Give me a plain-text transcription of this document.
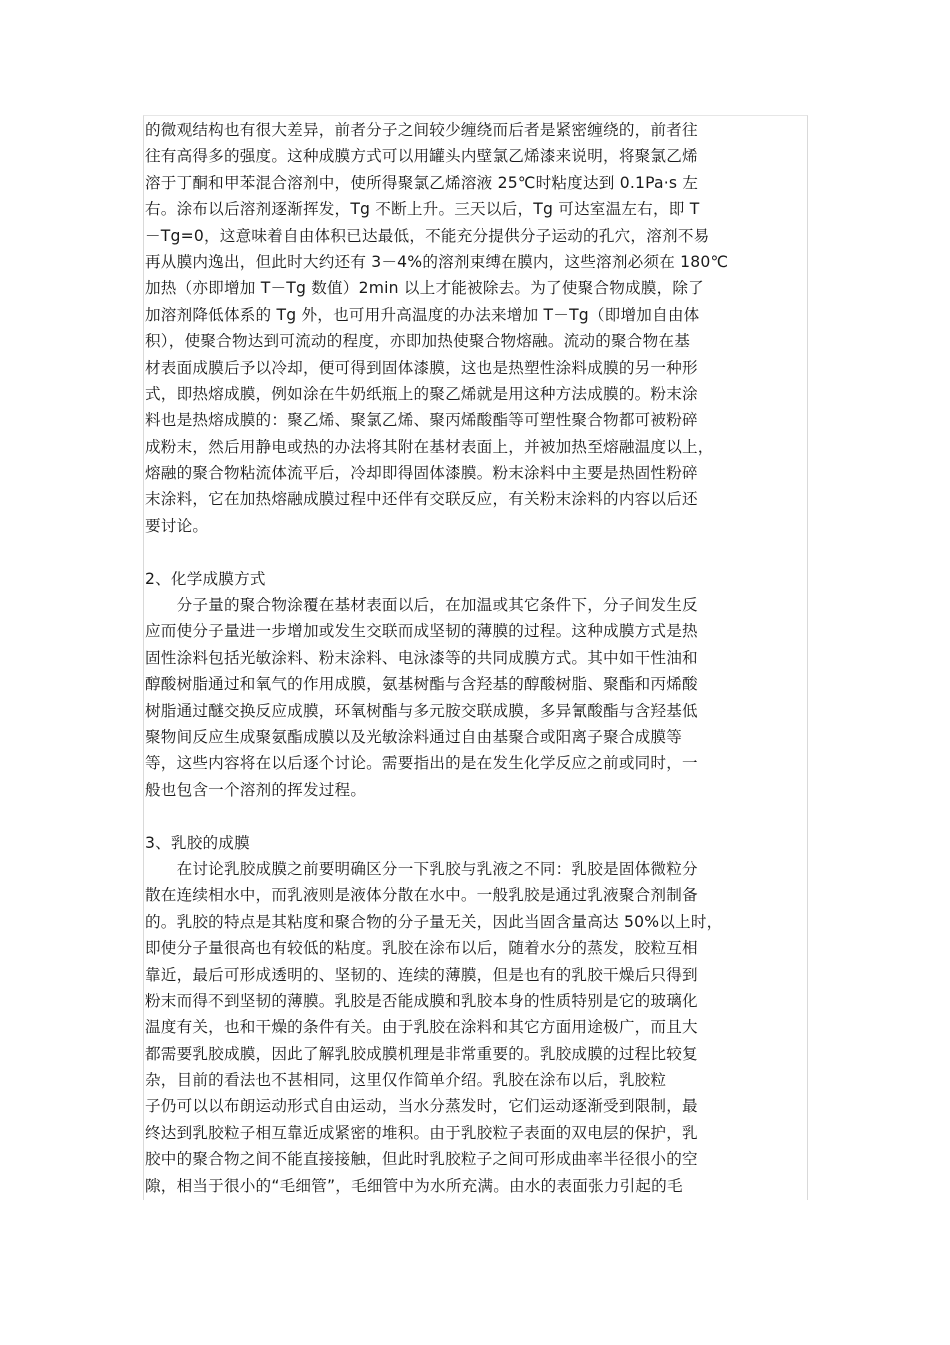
的微观结构也有很大差异，前者分子之间较少缠绕而后者是紧密缠绕的，前者往
往有高得多的强度。这种成膜方式可以用罐头内壁氯乙烯漆来说明，将聚氯乙烯
溶于丁酮和甲苯混合溶剂中，使所得聚氯乙烯溶液 25℃时粘度达到 0.1Pa·s 左
右。涂布以后溶剂逐渐挥发，Tg 不断上升。三天以后，Tg 可达室温左右，即 T
－Tg=0，这意味着自由体积已达最低，不能充分提供分子运动的孔穴，溶剂不易
再从膜内逸出，但此时大约还有 3－4%的溶剂束缚在膜内，这些溶剂必须在 180℃
加热（亦即增加 T－Tg 数值）2min 以上才能被除去。为了使聚合物成膜，除了
加溶剂降低体系的 Tg 外，也可用升高温度的办法来增加 T－Tg（即增加自由体
积），使聚合物达到可流动的程度，亦即加热使聚合物熔融。流动的聚合物在基
材表面成膜后予以冷却，便可得到固体漆膜，这也是热塑性涂料成膜的另一种形
式，即热熔成膜，例如涂在牛奶纸瓶上的聚乙烯就是用这种方法成膜的。粉末涂
料也是热熔成膜的：聚乙烯、聚氯乙烯、聚丙烯酸酯等可塑性聚合物都可被粉碎
成粉末，然后用静电或热的办法将其附在基材表面上，并被加热至熔融温度以上，
熔融的聚合物粘流体流平后，冷却即得固体漆膜。粉末涂料中主要是热固性粉碎
末涂料，它在加热熔融成膜过程中还伴有交联反应，有关粉末涂料的内容以后还
要讨论。
2、化学成膜方式
　　分子量的聚合物涂覆在基材表面以后，在加温或其它条件下，分子间发生反
应而使分子量进一步增加或发生交联而成坚韧的薄膜的过程。这种成膜方式是热
固性涂料包括光敏涂料、粉末涂料、电泳漆等的共同成膜方式。其中如干性油和
醇酸树脂通过和氧气的作用成膜，氨基树酯与含羟基的醇酸树脂、聚酯和丙烯酸
树脂通过醚交换反应成膜，环氧树酯与多元胺交联成膜，多异氰酸酯与含羟基低
聚物间反应生成聚氨酯成膜以及光敏涂料通过自由基聚合或阳离子聚合成膜等
等，这些内容将在以后逐个讨论。需要指出的是在发生化学反应之前或同时，一
般也包含一个溶剂的挥发过程。
3、乳胶的成膜
　　在讨论乳胶成膜之前要明确区分一下乳胶与乳液之不同：乳胶是固体微粒分
散在连续相水中，而乳液则是液体分散在水中。一般乳胶是通过乳液聚合剂制备
的。乳胶的特点是其粘度和聚合物的分子量无关，因此当固含量高达 50%以上时，
即使分子量很高也有较低的粘度。乳胶在涂布以后，随着水分的蒸发，胶粒互相
靠近，最后可形成透明的、坚韧的、连续的薄膜，但是也有的乳胶干燥后只得到
粉末而得不到坚韧的薄膜。乳胶是否能成膜和乳胶本身的性质特别是它的玻璃化
温度有关，也和干燥的条件有关。由于乳胶在涂料和其它方面用途极广，而且大
都需要乳胶成膜，因此了解乳胶成膜机理是非常重要的。乳胶成膜的过程比较复
杂，目前的看法也不甚相同，这里仅作简单介绍。乳胶在涂布以后，乳胶粒
子仍可以以布朗运动形式自由运动，当水分蒸发时，它们运动逐渐受到限制，最
终达到乳胶粒子相互靠近成紧密的堆积。由于乳胶粒子表面的双电层的保护，乳
胶中的聚合物之间不能直接接触，但此时乳胶粒子之间可形成曲率半径很小的空
隙，相当于很小的“毛细管”，毛细管中为水所充满。由水的表面张力引起的毛
